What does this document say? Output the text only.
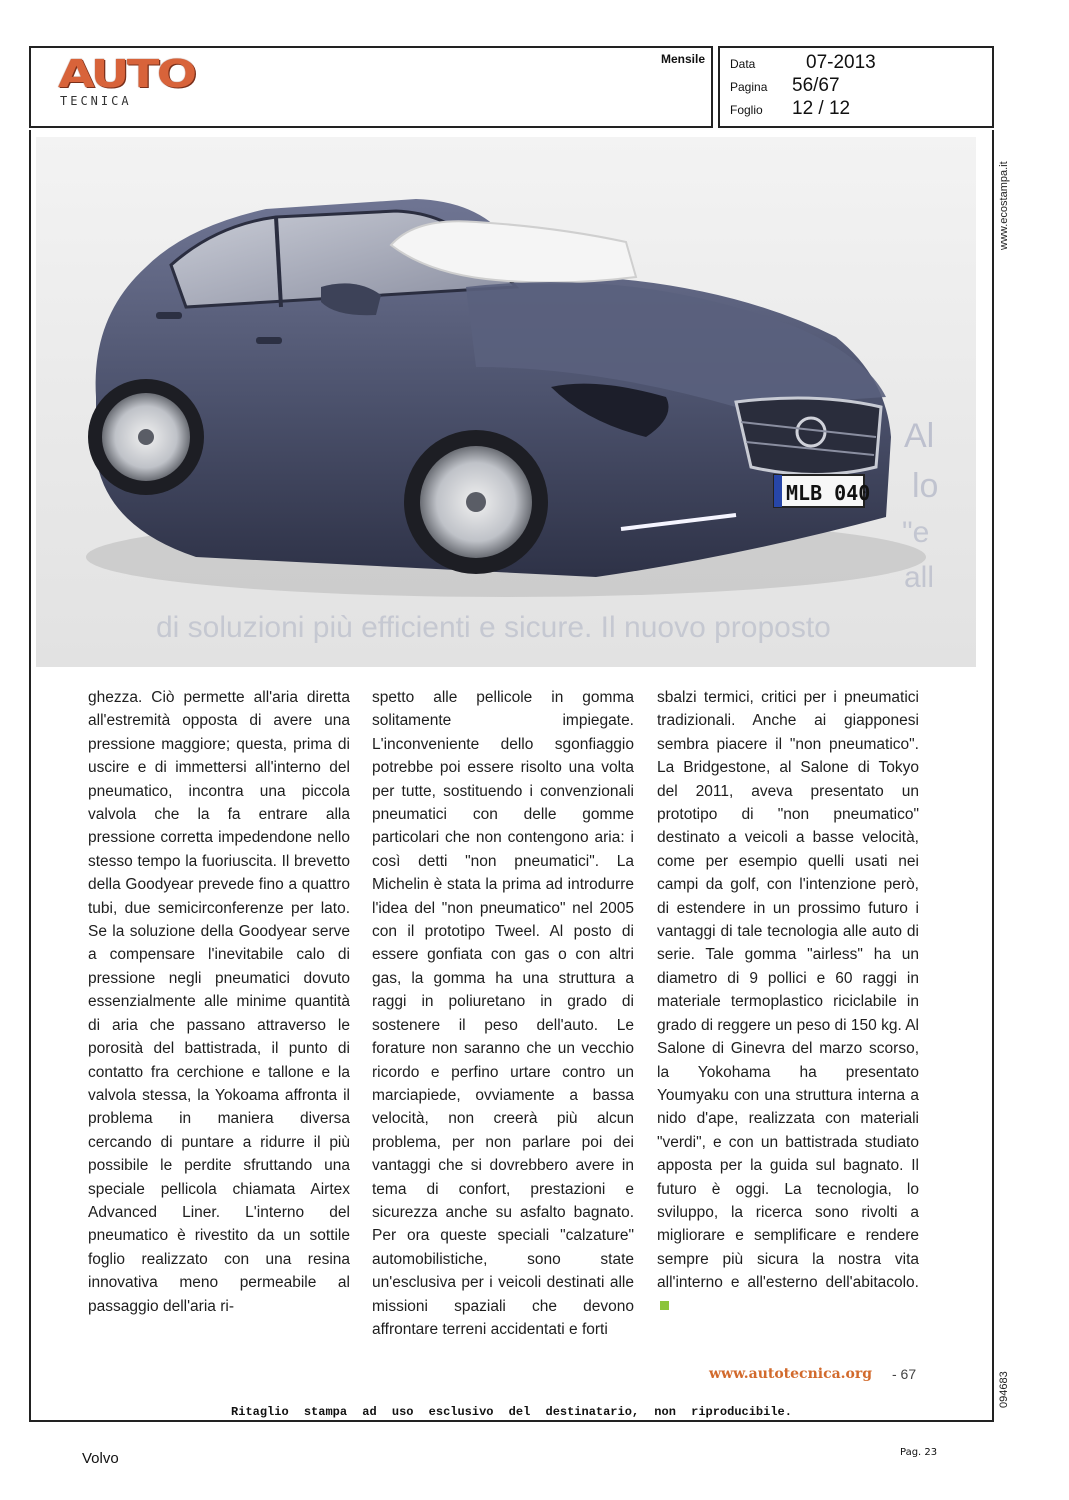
Mensile
AUTO
TECNICA
Data	07-2013
Pagina	56/67
Foglio	12 / 12
Al
lo
"e
all
di soluzioni più efficienti e sicure. Il nuovo proposto
MLB 040

ghezza. Ciò permette all'aria diretta all'estremità opposta di avere una pressione maggiore; questa, prima di uscire e di immettersi all'interno del pneumatico, incontra una piccola valvola che la fa entrare alla pressione corretta impedendone nello stesso tempo la fuoriuscita. Il brevetto della Goodyear prevede fino a quattro tubi, due semicirconferenze per lato. Se la soluzione della Goodyear serve a compensare l'inevitabile calo di pressione negli pneumatici dovuto essenzialmente alle minime quantità di aria che passano attraverso le porosità del battistrada, il punto di contatto fra cerchione e tallone e la valvola stessa, la Yokoama affronta il problema in maniera diversa cercando di puntare a ridurre il più possibile le perdite sfruttando una speciale pellicola chiamata Airtex Advanced Liner. L'interno del pneumatico è rivestito da un sottile foglio realizzato con una resina innovativa meno permeabile al passaggio dell'aria ri-

spetto alle pellicole in gomma solitamente impiegate. L'inconveniente dello sgonfiaggio potrebbe poi essere risolto una volta per tutte, sostituendo i convenzionali pneumatici con delle gomme particolari che non contengono aria: i così detti "non pneumatici". La Michelin è stata la prima ad introdurre l'idea del "non pneumatico" nel 2005 con il prototipo Tweel. Al posto di essere gonfiata con gas o con altri gas, la gomma ha una struttura a raggi in poliuretano in grado di sostenere il peso dell'auto. Le forature non saranno che un vecchio ricordo e perfino urtare contro un marciapiede, ovviamente a bassa velocità, non creerà più alcun problema, per non parlare poi dei vantaggi che si dovrebbero avere in tema di confort, prestazioni e sicurezza anche su asfalto bagnato. Per ora queste speciali "calzature" automobilistiche, sono state un'esclusiva per i veicoli destinati alle missioni spaziali che devono affrontare terreni accidentati e forti

sbalzi termici, critici per i pneumatici tradizionali. Anche ai giapponesi sembra piacere il "non pneumatico". La Bridgestone, al Salone di Tokyo del 2011, aveva presentato un prototipo di "non pneumatico" destinato a veicoli a basse velocità, come per esempio quelli usati nei campi da golf, con l'intenzione però, di estendere in un prossimo futuro i vantaggi di tale tecnologia alle auto di serie. Tale gomma "airless" ha un diametro di 9 pollici e 60 raggi in materiale termoplastico riciclabile in grado di reggere un peso di 150 kg. Al Salone di Ginevra del marzo scorso, la Yokohama ha presentato Youmyaku con una struttura interna a nido d'ape, realizzata con materiali "verdi", e con un battistrada studiato apposta per la guida sul bagnato. Il futuro è oggi. La tecnologia, lo sviluppo, la ricerca sono rivolti a migliorare e semplificare e rendere sempre più sicura la nostra vita all'interno e all'esterno dell'abitacolo.

www.autotecnica.org - 67
www.ecostampa.it
094683
Ritaglio stampa ad uso esclusivo del destinatario, non riproducibile.
Volvo	Pag. 23
